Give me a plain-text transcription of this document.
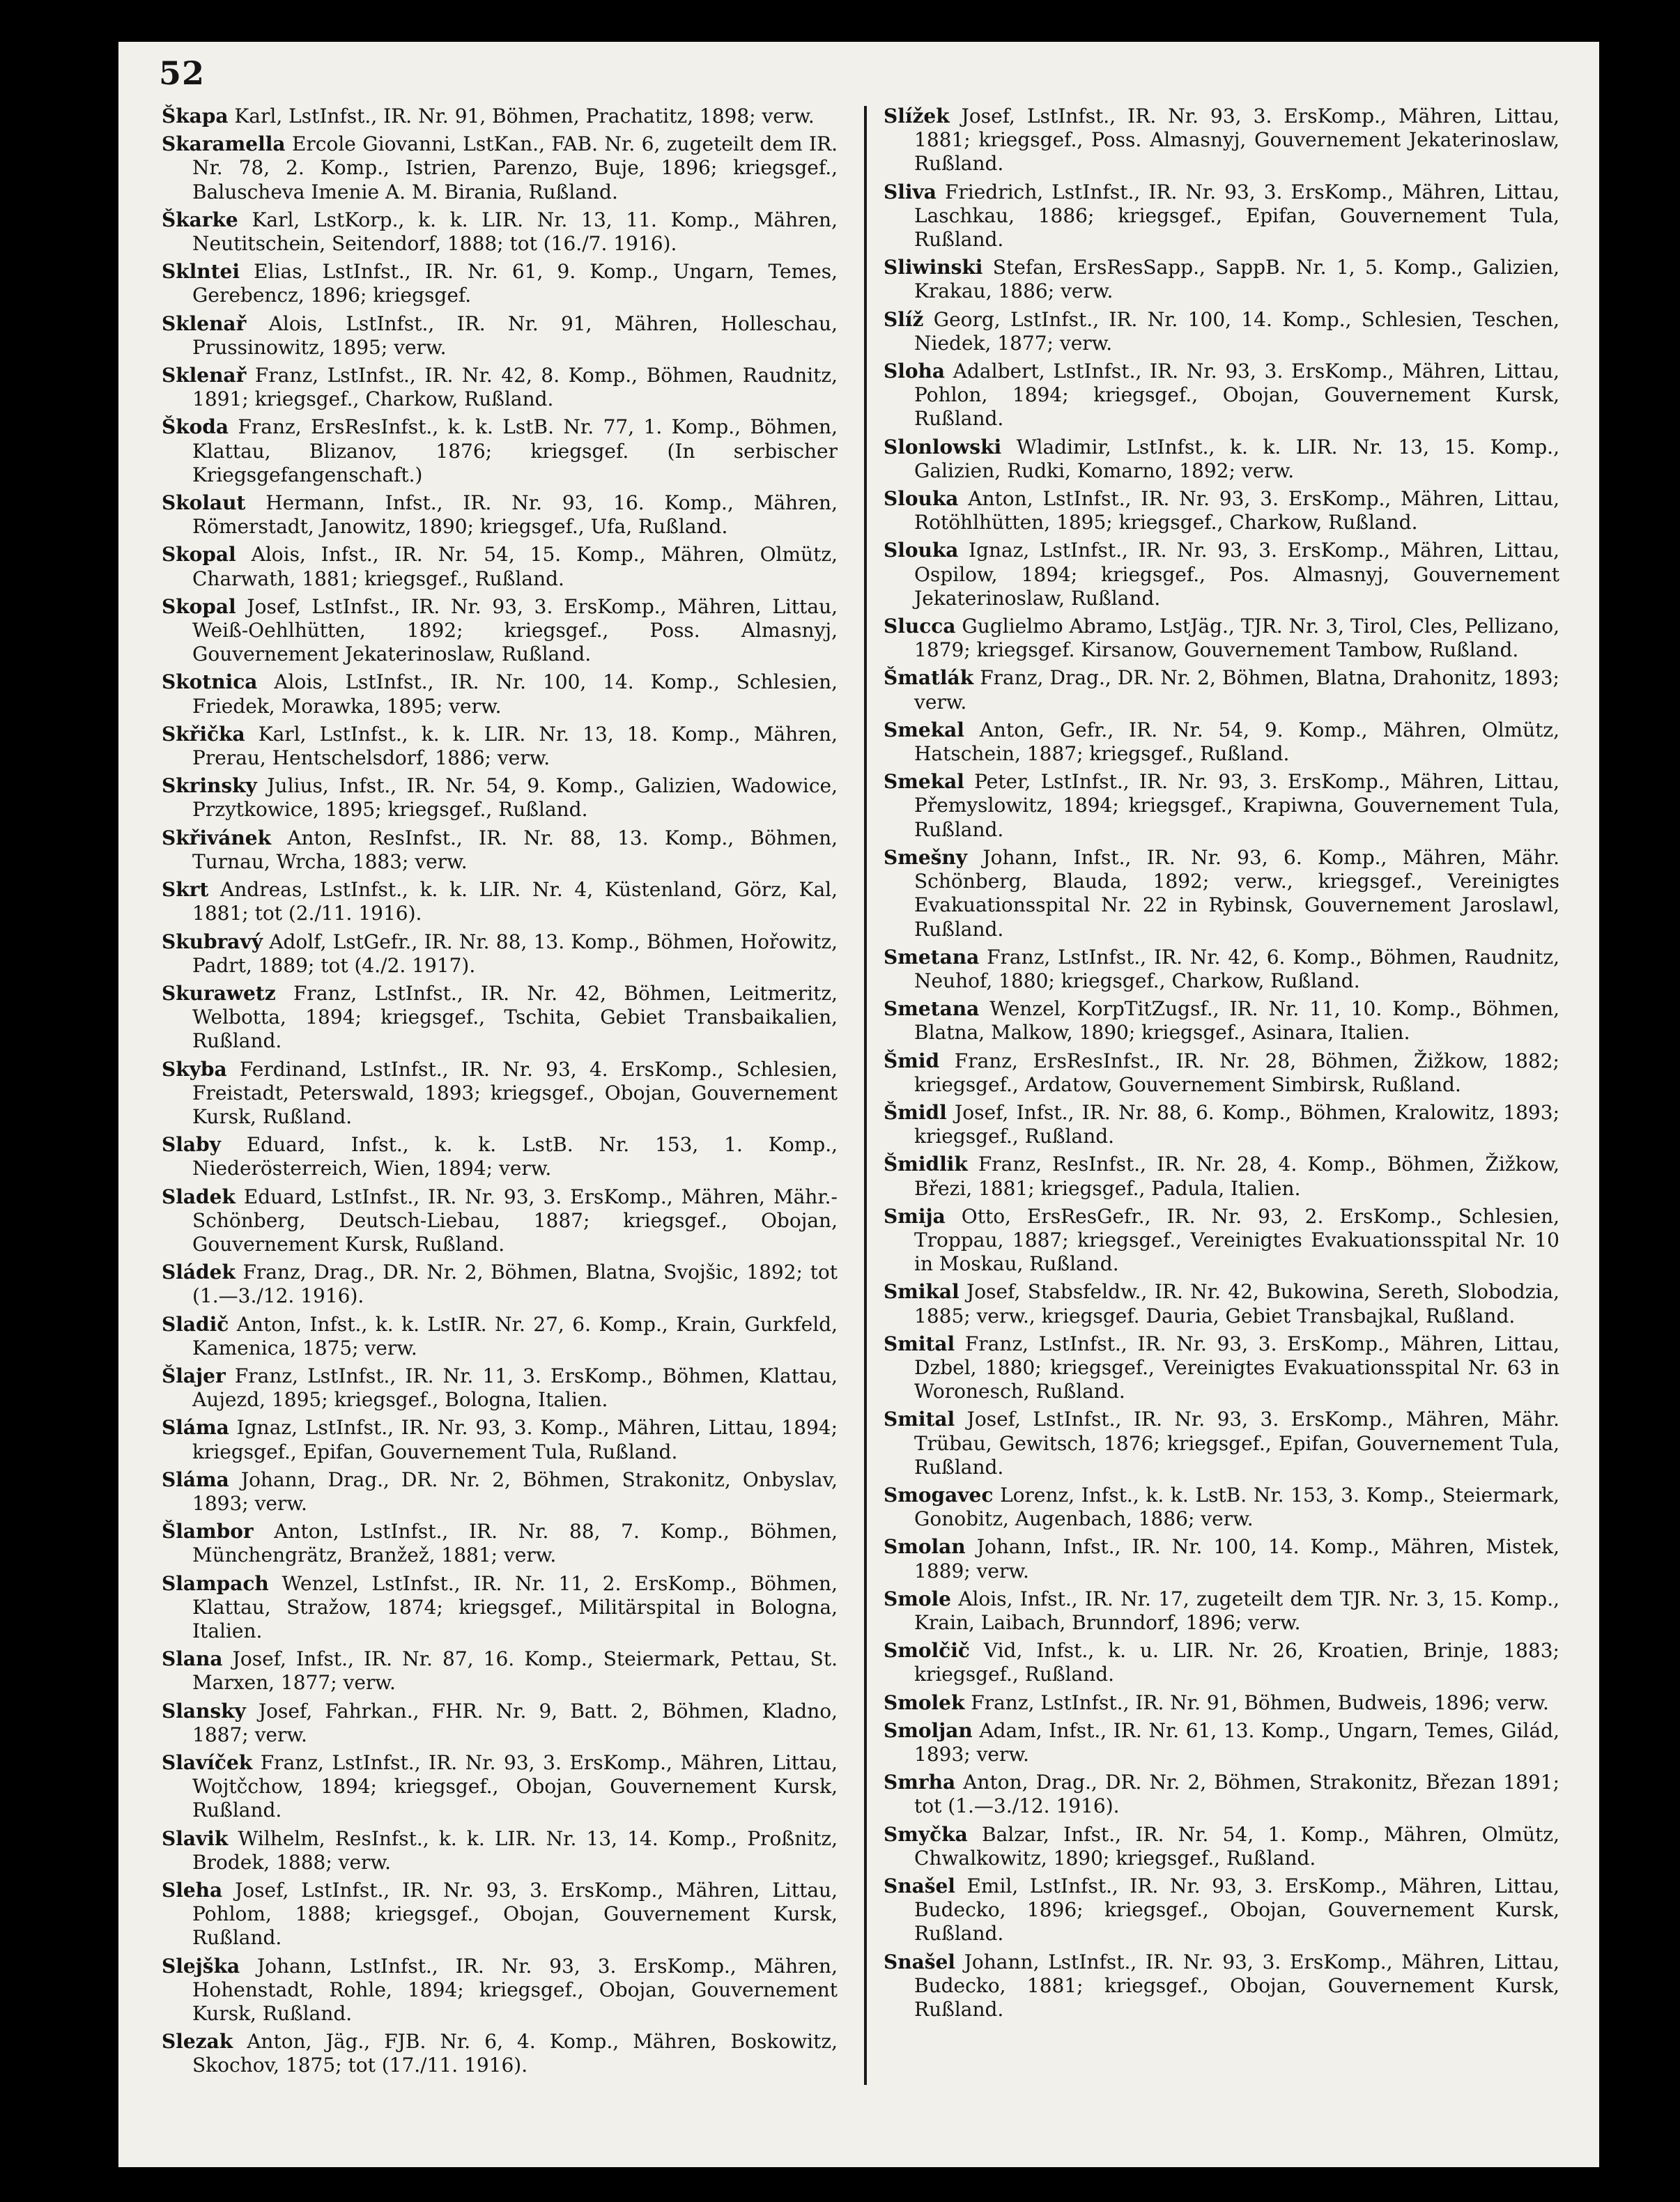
52

Škapa Karl, LstInfst., IR. Nr. 91, Böhmen, Prachatitz, 1898; verw.

Skaramella Ercole Giovanni, LstKan., FAB. Nr. 6, zugeteilt dem IR. Nr. 78, 2. Komp., Istrien, Parenzo, Buje, 1896; kriegsgef., Baluscheva Imenie A. M. Birania, Rußland.

Škarke Karl, LstKorp., k. k. LIR. Nr. 13, 11. Komp., Mähren, Neutitschein, Seitendorf, 1888; tot (16./7. 1916).

Sklntei Elias, LstInfst., IR. Nr. 61, 9. Komp., Ungarn, Temes, Gerebencz, 1896; kriegsgef.

Sklenař Alois, LstInfst., IR. Nr. 91, Mähren, Holleschau, Prussinowitz, 1895; verw.

Sklenař Franz, LstInfst., IR. Nr. 42, 8. Komp., Böhmen, Raudnitz, 1891; kriegsgef., Charkow, Rußland.

Škoda Franz, ErsResInfst., k. k. LstB. Nr. 77, 1. Komp., Böhmen, Klattau, Blizanov, 1876; kriegsgef. (In serbischer Kriegsgefangenschaft.)

Skolaut Hermann, Infst., IR. Nr. 93, 16. Komp., Mähren, Römerstadt, Janowitz, 1890; kriegsgef., Ufa, Rußland.

Skopal Alois, Infst., IR. Nr. 54, 15. Komp., Mähren, Olmütz, Charwath, 1881; kriegsgef., Rußland.

Skopal Josef, LstInfst., IR. Nr. 93, 3. ErsKomp., Mähren, Littau, Weiß-Oehlhütten, 1892; kriegsgef., Poss. Almasnyj, Gouvernement Jekaterinoslaw, Rußland.

Skotnica Alois, LstInfst., IR. Nr. 100, 14. Komp., Schlesien, Friedek, Morawka, 1895; verw.

Skřička Karl, LstInfst., k. k. LIR. Nr. 13, 18. Komp., Mähren, Prerau, Hentschelsdorf, 1886; verw.

Skrinsky Julius, Infst., IR. Nr. 54, 9. Komp., Galizien, Wadowice, Przytkowice, 1895; kriegsgef., Rußland.

Skřivánek Anton, ResInfst., IR. Nr. 88, 13. Komp., Böhmen, Turnau, Wrcha, 1883; verw.

Skrt Andreas, LstInfst., k. k. LIR. Nr. 4, Küstenland, Görz, Kal, 1881; tot (2./11. 1916).

Skubravý Adolf, LstGefr., IR. Nr. 88, 13. Komp., Böhmen, Hořowitz, Padrt, 1889; tot (4./2. 1917).

Skurawetz Franz, LstInfst., IR. Nr. 42, Böhmen, Leitmeritz, Welbotta, 1894; kriegsgef., Tschita, Gebiet Transbaikalien, Rußland.

Skyba Ferdinand, LstInfst., IR. Nr. 93, 4. ErsKomp., Schlesien, Freistadt, Peterswald, 1893; kriegsgef., Obojan, Gouvernement Kursk, Rußland.

Slaby Eduard, Infst., k. k. LstB. Nr. 153, 1. Komp., Niederösterreich, Wien, 1894; verw.

Sladek Eduard, LstInfst., IR. Nr. 93, 3. ErsKomp., Mähren, Mähr.-Schönberg, Deutsch-Liebau, 1887; kriegsgef., Obojan, Gouvernement Kursk, Rußland.

Sládek Franz, Drag., DR. Nr. 2, Böhmen, Blatna, Svojšic, 1892; tot (1.—3./12. 1916).

Sladič Anton, Infst., k. k. LstIR. Nr. 27, 6. Komp., Krain, Gurkfeld, Kamenica, 1875; verw.

Šlajer Franz, LstInfst., IR. Nr. 11, 3. ErsKomp., Böhmen, Klattau, Aujezd, 1895; kriegsgef., Bologna, Italien.

Sláma Ignaz, LstInfst., IR. Nr. 93, 3. Komp., Mähren, Littau, 1894; kriegsgef., Epifan, Gouvernement Tula, Rußland.

Sláma Johann, Drag., DR. Nr. 2, Böhmen, Strakonitz, Onbyslav, 1893; verw.

Šlambor Anton, LstInfst., IR. Nr. 88, 7. Komp., Böhmen, Münchengrätz, Branžež, 1881; verw.

Slampach Wenzel, LstInfst., IR. Nr. 11, 2. ErsKomp., Böhmen, Klattau, Stražow, 1874; kriegsgef., Militärspital in Bologna, Italien.

Slana Josef, Infst., IR. Nr. 87, 16. Komp., Steiermark, Pettau, St. Marxen, 1877; verw.

Slansky Josef, Fahrkan., FHR. Nr. 9, Batt. 2, Böhmen, Kladno, 1887; verw.

Slavíček Franz, LstInfst., IR. Nr. 93, 3. ErsKomp., Mähren, Littau, Wojtčchow, 1894; kriegsgef., Obojan, Gouvernement Kursk, Rußland.

Slavik Wilhelm, ResInfst., k. k. LIR. Nr. 13, 14. Komp., Proßnitz, Brodek, 1888; verw.

Sleha Josef, LstInfst., IR. Nr. 93, 3. ErsKomp., Mähren, Littau, Pohlom, 1888; kriegsgef., Obojan, Gouvernement Kursk, Rußland.

Slejška Johann, LstInfst., IR. Nr. 93, 3. ErsKomp., Mähren, Hohenstadt, Rohle, 1894; kriegsgef., Obojan, Gouvernement Kursk, Rußland.

Slezak Anton, Jäg., FJB. Nr. 6, 4. Komp., Mähren, Boskowitz, Skochov, 1875; tot (17./11. 1916).

Slížek Josef, LstInfst., IR. Nr. 93, 3. ErsKomp., Mähren, Littau, 1881; kriegsgef., Poss. Almasnyj, Gouvernement Jekaterinoslaw, Rußland.

Sliva Friedrich, LstInfst., IR. Nr. 93, 3. ErsKomp., Mähren, Littau, Laschkau, 1886; kriegsgef., Epifan, Gouvernement Tula, Rußland.

Sliwinski Stefan, ErsResSapp., SappB. Nr. 1, 5. Komp., Galizien, Krakau, 1886; verw.

Slíž Georg, LstInfst., IR. Nr. 100, 14. Komp., Schlesien, Teschen, Niedek, 1877; verw.

Sloha Adalbert, LstInfst., IR. Nr. 93, 3. ErsKomp., Mähren, Littau, Pohlon, 1894; kriegsgef., Obojan, Gouvernement Kursk, Rußland.

Slonlowski Wladimir, LstInfst., k. k. LIR. Nr. 13, 15. Komp., Galizien, Rudki, Komarno, 1892; verw.

Slouka Anton, LstInfst., IR. Nr. 93, 3. ErsKomp., Mähren, Littau, Rotöhlhütten, 1895; kriegsgef., Charkow, Rußland.

Slouka Ignaz, LstInfst., IR. Nr. 93, 3. ErsKomp., Mähren, Littau, Ospilow, 1894; kriegsgef., Pos. Almasnyj, Gouvernement Jekaterinoslaw, Rußland.

Slucca Guglielmo Abramo, LstJäg., TJR. Nr. 3, Tirol, Cles, Pellizano, 1879; kriegsgef. Kirsanow, Gouvernement Tambow, Rußland.

Šmatlák Franz, Drag., DR. Nr. 2, Böhmen, Blatna, Drahonitz, 1893; verw.

Smekal Anton, Gefr., IR. Nr. 54, 9. Komp., Mähren, Olmütz, Hatschein, 1887; kriegsgef., Rußland.

Smekal Peter, LstInfst., IR. Nr. 93, 3. ErsKomp., Mähren, Littau, Přemyslowitz, 1894; kriegsgef., Krapiwna, Gouvernement Tula, Rußland.

Smešny Johann, Infst., IR. Nr. 93, 6. Komp., Mähren, Mähr. Schönberg, Blauda, 1892; verw., kriegsgef., Vereinigtes Evakuationsspital Nr. 22 in Rybinsk, Gouvernement Jaroslawl, Rußland.

Smetana Franz, LstInfst., IR. Nr. 42, 6. Komp., Böhmen, Raudnitz, Neuhof, 1880; kriegsgef., Charkow, Rußland.

Smetana Wenzel, KorpTitZugsf., IR. Nr. 11, 10. Komp., Böhmen, Blatna, Malkow, 1890; kriegsgef., Asinara, Italien.

Šmid Franz, ErsResInfst., IR. Nr. 28, Böhmen, Žižkow, 1882; kriegsgef., Ardatow, Gouvernement Simbirsk, Rußland.

Šmidl Josef, Infst., IR. Nr. 88, 6. Komp., Böhmen, Kralowitz, 1893; kriegsgef., Rußland.

Šmidlik Franz, ResInfst., IR. Nr. 28, 4. Komp., Böhmen, Žižkow, Březi, 1881; kriegsgef., Padula, Italien.

Smija Otto, ErsResGefr., IR. Nr. 93, 2. ErsKomp., Schlesien, Troppau, 1887; kriegsgef., Vereinigtes Evakuationsspital Nr. 10 in Moskau, Rußland.

Smikal Josef, Stabsfeldw., IR. Nr. 42, Bukowina, Sereth, Slobodzia, 1885; verw., kriegsgef. Dauria, Gebiet Transbajkal, Rußland.

Smital Franz, LstInfst., IR. Nr. 93, 3. ErsKomp., Mähren, Littau, Dzbel, 1880; kriegsgef., Vereinigtes Evakuationsspital Nr. 63 in Woronesch, Rußland.

Smital Josef, LstInfst., IR. Nr. 93, 3. ErsKomp., Mähren, Mähr. Trübau, Gewitsch, 1876; kriegsgef., Epifan, Gouvernement Tula, Rußland.

Smogavec Lorenz, Infst., k. k. LstB. Nr. 153, 3. Komp., Steiermark, Gonobitz, Augenbach, 1886; verw.

Smolan Johann, Infst., IR. Nr. 100, 14. Komp., Mähren, Mistek, 1889; verw.

Smole Alois, Infst., IR. Nr. 17, zugeteilt dem TJR. Nr. 3, 15. Komp., Krain, Laibach, Brunndorf, 1896; verw.

Smolčič Vid, Infst., k. u. LIR. Nr. 26, Kroatien, Brinje, 1883; kriegsgef., Rußland.

Smolek Franz, LstInfst., IR. Nr. 91, Böhmen, Budweis, 1896; verw.

Smoljan Adam, Infst., IR. Nr. 61, 13. Komp., Ungarn, Temes, Gilád, 1893; verw.

Smrha Anton, Drag., DR. Nr. 2, Böhmen, Strakonitz, Březan 1891; tot (1.—3./12. 1916).

Smyčka Balzar, Infst., IR. Nr. 54, 1. Komp., Mähren, Olmütz, Chwalkowitz, 1890; kriegsgef., Rußland.

Snašel Emil, LstInfst., IR. Nr. 93, 3. ErsKomp., Mähren, Littau, Budecko, 1896; kriegsgef., Obojan, Gouvernement Kursk, Rußland.

Snašel Johann, LstInfst., IR. Nr. 93, 3. ErsKomp., Mähren, Littau, Budecko, 1881; kriegsgef., Obojan, Gouvernement Kursk, Rußland.
